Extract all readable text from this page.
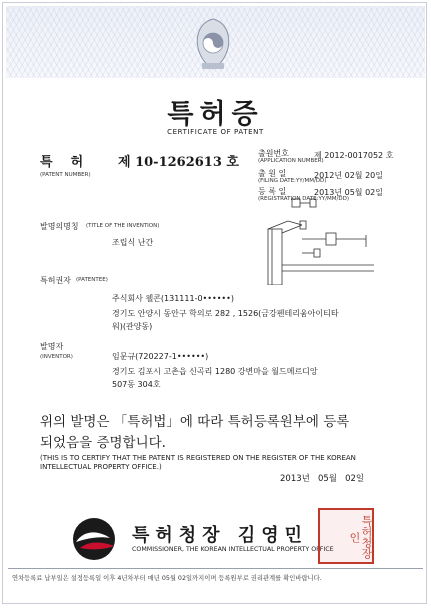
특허증
CERTIFICATE OF PATENT
특    허	제 10-1262613 호
(PATENT NUMBER)
출원번호
(APPLICATION NUMBER)
제 2012-0017052 호
출 원 일
(FILING DATE:YY/MM/DD)
2012년 02월 20일
등 록 일
(REGISTRATION DATE:YY/MM/DD)
2013년 05월 02일
발명의명칭 (TITLE OF THE INVENTION)
조립식 난간
특허권자 (PATENTEE)
주식회사 웰콘(131111-0••••••)
경기도 안양시 동안구 학의로 282 , 1526(금강펜테리움아이티타
워)(관양동)
발명자
(INVENTOR)	임문규(720227-1••••••)
경기도 김포시 고촌읍 신곡리 1280 강변마을 월드메르디앙
507동 304호
위의 발명은 「특허법」에 따라 특허등록원부에 등록
되었음을 증명합니다.
(THIS IS TO CERTIFY THAT THE PATENT IS REGISTERED ON THE REGISTER OF THE KOREAN
INTELLECTUAL PROPERTY OFFICE.)
2013년   05월   02일
특허청장 김영민
COMMISSIONER, THE KOREAN INTELLECTUAL PROPERTY OFFICE	특허청장인
연차등록료 납부일은 설정등록일 이후 4년차부터 매년 05월 02일까지이며 등록원부로 권리관계를 확인바랍니다.
